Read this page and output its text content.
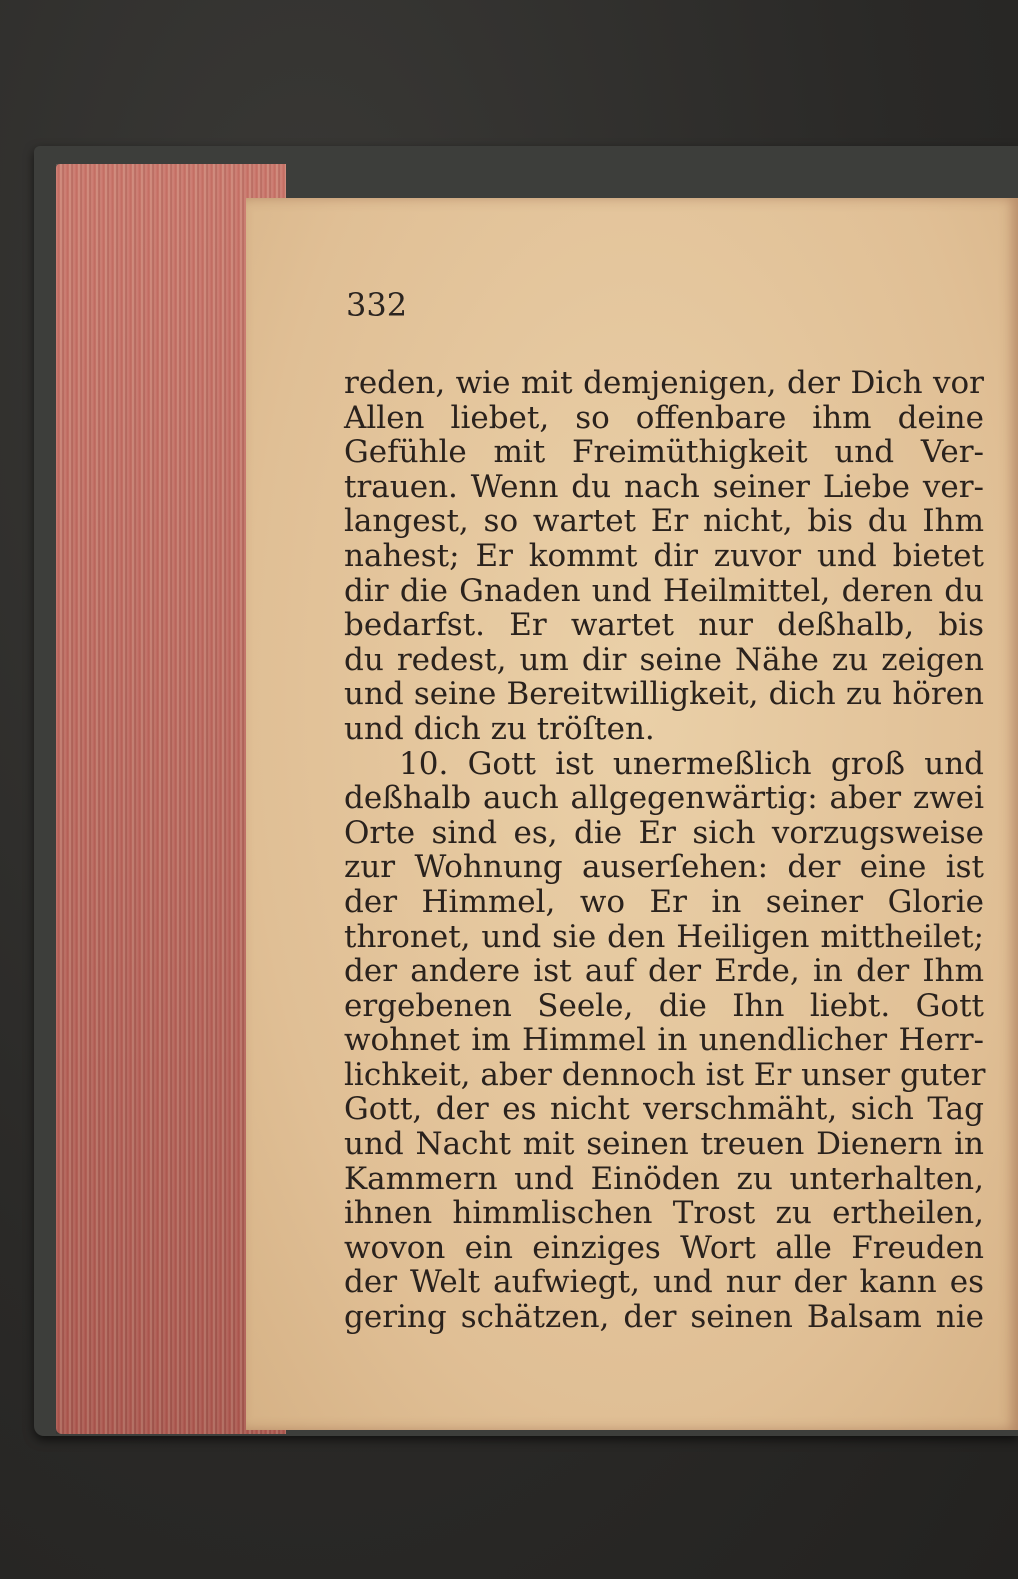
332
reden, wie mit demjenigen, der Dich vor
Allen liebet, so offenbare ihm deine
Gefühle mit Freimüthigkeit und Ver-
trauen. Wenn du nach seiner Liebe ver-
langest, so wartet Er nicht, bis du Ihm
nahest; Er kommt dir zuvor und bietet
dir die Gnaden und Heilmittel, deren du
bedarfst. Er wartet nur deßhalb, bis
du redest, um dir seine Nähe zu zeigen
und seine Bereitwilligkeit, dich zu hören
und dich zu tröſten.
10. Gott ist unermeßlich groß und
deßhalb auch allgegenwärtig: aber zwei
Orte sind es, die Er sich vorzugsweise
zur Wohnung auserſehen: der eine ist
der Himmel, wo Er in seiner Glorie
thronet, und sie den Heiligen mittheilet;
der andere ist auf der Erde, in der Ihm
ergebenen Seele, die Ihn liebt. Gott
wohnet im Himmel in unendlicher Herr-
lichkeit, aber dennoch ist Er unser guter
Gott, der es nicht verschmäht, sich Tag
und Nacht mit seinen treuen Dienern in
Kammern und Einöden zu unterhalten,
ihnen himmlischen Trost zu ertheilen,
wovon ein einziges Wort alle Freuden
der Welt aufwiegt, und nur der kann es
gering schätzen, der seinen Balsam nie
